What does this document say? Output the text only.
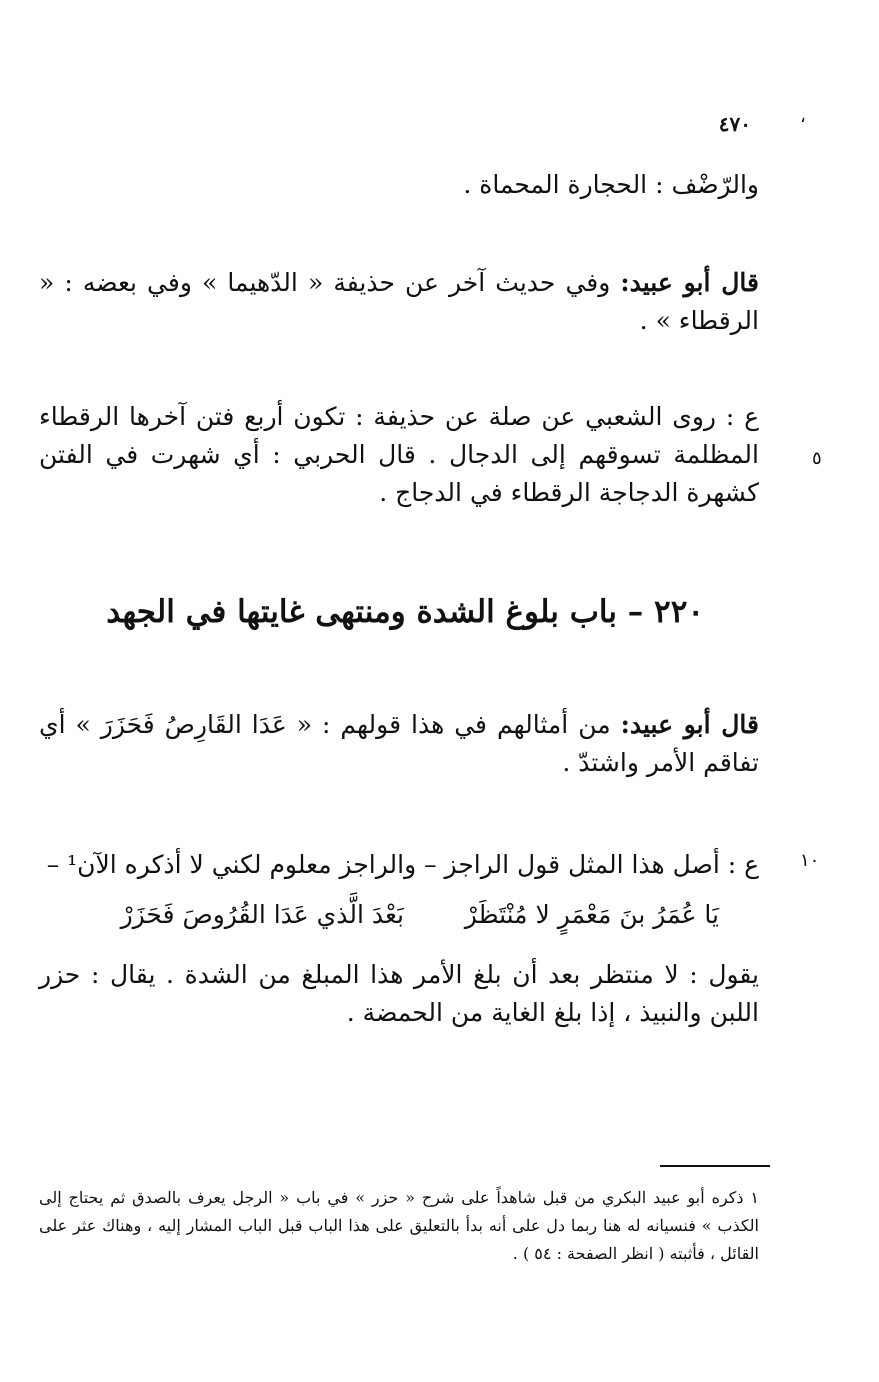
٤٧٠	،
والرّضْف : الحجارة المحماة .
قال أبو عبيد: وفي حديث آخر عن حذيفة « الدّهيما » وفي بعضه : « الرقطاء » .
ع : روى الشعبي عن صلة عن حذيفة : تكون أربع فتن آخرها الرقطاء المظلمة تسوقهم إلى الدجال . قال الحربي : أي شهرت في الفتن كشهرة الدجاجة الرقطاء في الدجاج .
٥
٢٢٠ – باب بلوغ الشدة ومنتهى غايتها في الجهد
قال أبو عبيد: من أمثالهم في هذا قولهم : « عَدَا القَارِصُ فَحَزَرَ » أي تفاقم الأمر واشتدّ .
ع : أصل هذا المثل قول الراجز – والراجز معلوم لكني لا أذكره الآن¹ – ١٠
يَا عُمَرُ بنَ مَعْمَرٍ لا مُنْتَظَرْ
بَعْدَ الَّذي عَدَا القُرُوصَ فَحَزَرْ
يقول : لا منتظر بعد أن بلغ الأمر هذا المبلغ من الشدة . يقال : حزر اللبن والنبيذ ، إذا بلغ الغاية من الحمضة .
١ ذكره أبو عبيد البكري من قبل شاهداً على شرح « حزر » في باب « الرجل يعرف بالصدق ثم يحتاج إلى الكذب » فنسيانه له هنا ربما دل على أنه بدأ بالتعليق على هذا الباب قبل الباب المشار إليه ، وهناك عثر على القائل ، فأثبته ( انظر الصفحة : ٥٤ ) .
